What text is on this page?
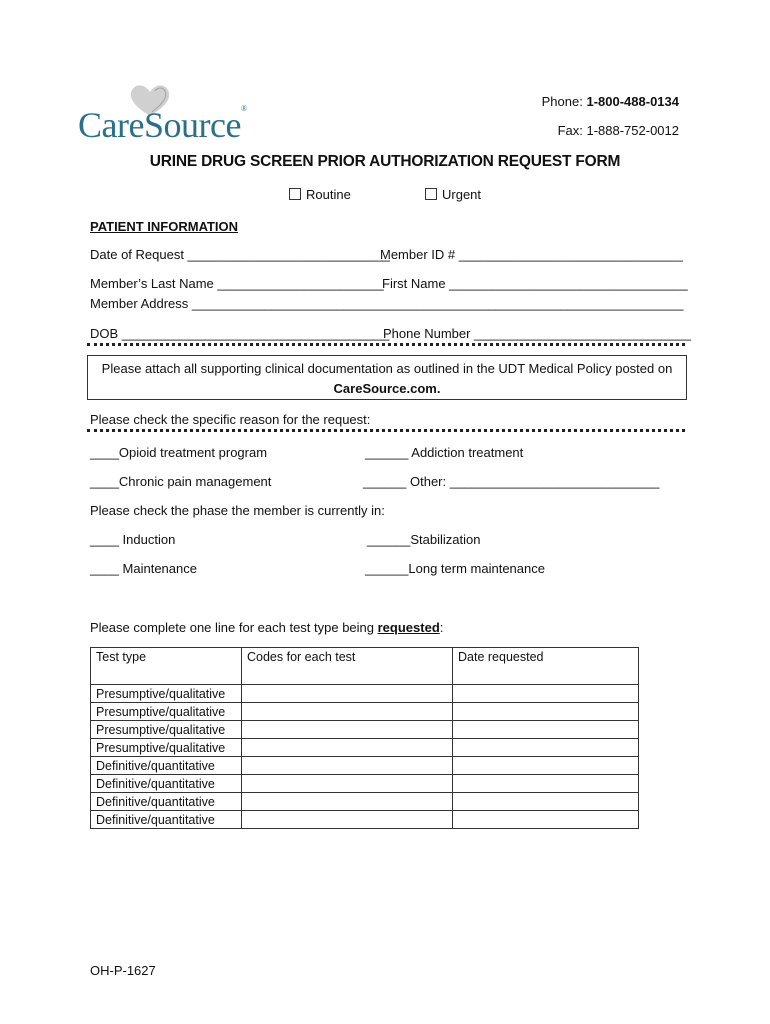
CareSource®	Phone: 1-800-488-0134
Fax: 1-888-752-0012
URINE DRUG SCREEN PRIOR AUTHORIZATION REQUEST FORM
Routine	Urgent
PATIENT INFORMATION
Date of Request ____________________________
Member ID # _______________________________
Member’s Last Name _______________________
First Name _________________________________
Member Address ____________________________________________________________________
DOB _____________________________________
Phone Number ______________________________
Please attach all supporting clinical documentation as outlined in the UDT Medical Policy posted on
CareSource.com.
Please check the specific reason for the request:
____Opioid treatment program	______ Addiction treatment
____Chronic pain management	______ Other: _____________________________
Please check the phase the member is currently in:
____ Induction	______Stabilization
____ Maintenance	______Long term maintenance
Please complete one line for each test type being requested:
Test type	Codes for each test	Date requested
Presumptive/qualitative		
Presumptive/qualitative		
Presumptive/qualitative		
Presumptive/qualitative		
Definitive/quantitative		
Definitive/quantitative		
Definitive/quantitative		
Definitive/quantitative		
OH-P-1627
